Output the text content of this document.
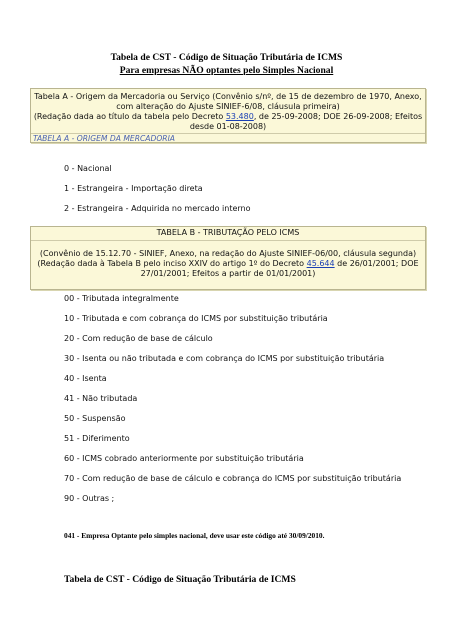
Tabela de CST - Código de Situação Tributária de ICMS
Para empresas NÃO optantes pelo Simples Nacional
Tabela A - Origem da Mercadoria ou Serviço (Convênio s/nº, de 15 de dezembro de 1970, Anexo,
com alteração do Ajuste SINIEF-6/08, cláusula primeira)
(Redação dada ao título da tabela pelo Decreto 53.480, de 25-09-2008; DOE 26-09-2008; Efeitos
desde 01-08-2008)
TABELA A - ORIGEM DA MERCADORIA
0 - Nacional
1 - Estrangeira - Importação direta
2 - Estrangeira - Adquirida no mercado interno
TABELA B - TRIBUTAÇÃO PELO ICMS
(Convênio de 15.12.70 - SINIEF, Anexo, na redação do Ajuste SINIEF-06/00, cláusula segunda)
(Redação dada à Tabela B pelo inciso XXIV do artigo 1º do Decreto 45.644 de 26/01/2001; DOE
27/01/2001; Efeitos a partir de 01/01/2001)
00 - Tributada integralmente
10 - Tributada e com cobrança do ICMS por substituição tributária
20 - Com redução de base de cálculo
30 - Isenta ou não tributada e com cobrança do ICMS por substituição tributária
40 - Isenta
41 - Não tributada
50 - Suspensão
51 - Diferimento
60 - ICMS cobrado anteriormente por substituição tributária
70 - Com redução de base de cálculo e cobrança do ICMS por substituição tributária
90 - Outras ;
041 - Empresa Optante pelo simples nacional, deve usar este código até 30/09/2010.
Tabela de CST - Código de Situação Tributária de ICMS
